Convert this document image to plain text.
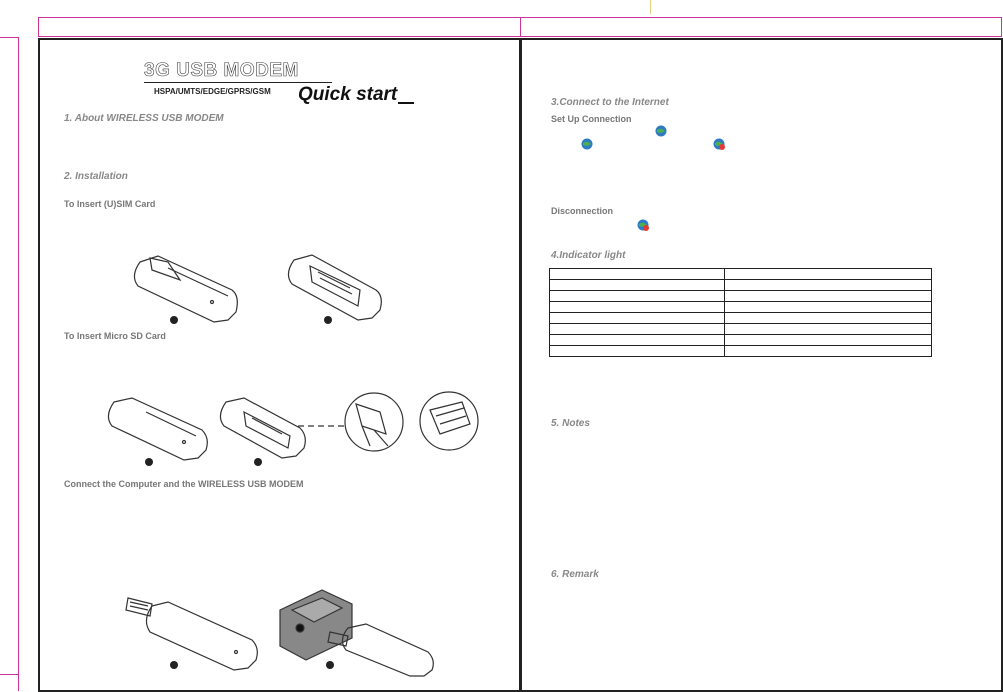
3G USB MODEM
HSPA/UMTS/EDGE/GPRS/GSM Quick start
1. About WIRELESS USB MODEM
2. Installation
To Insert (U)SIM Card
To Insert Micro SD Card
Connect the Computer and the WIRELESS USB MODEM
3.Connect to the Internet
Set Up Connection
Disconnection
4.Indicator light

5. Notes
6. Remark
